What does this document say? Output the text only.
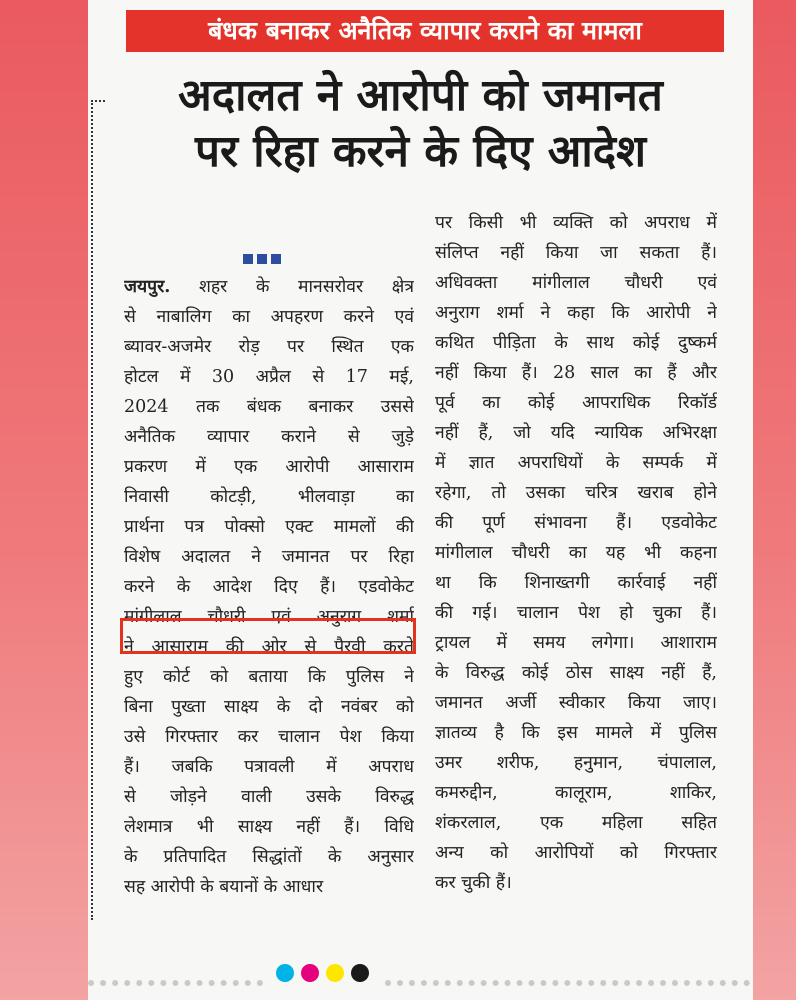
बंधक बनाकर अनैतिक व्यापार कराने का मामला
अदालत ने आरोपी को जमानत
पर रिहा करने के दिए आदेश
जयपुर. शहर के मानसरोवर क्षेत्र
से नाबालिग का अपहरण करने एवं
ब्यावर-अजमेर रोड़ पर स्थित एक
होटल में 30 अप्रैल से 17 मई,
2024 तक बंधक बनाकर उससे
अनैतिक व्यापार कराने से जुड़े
प्रकरण में एक आरोपी आसाराम
निवासी कोटड़ी, भीलवाड़ा का
प्रार्थना पत्र पोक्सो एक्ट मामलों की
विशेष अदालत ने जमानत पर रिहा
करने के आदेश दिए हैं। एडवोकेट
मांगीलाल चौधरी एवं अनुराग शर्मा
ने आसाराम की ओर से पैरवी करते
हुए कोर्ट को बताया कि पुलिस ने
बिना पुख्ता साक्ष्य के दो नवंबर को
उसे गिरफ्तार कर चालान पेश किया
हैं। जबकि पत्रावली में अपराध
से जोड़ने वाली उसके विरुद्ध
लेशमात्र भी साक्ष्य नहीं हैं। विधि
के प्रतिपादित सिद्धांतों के अनुसार
सह आरोपी के बयानों के आधार
पर किसी भी व्यक्ति को अपराध में
संलिप्त नहीं किया जा सकता हैं।
अधिवक्ता मांगीलाल चौधरी एवं
अनुराग शर्मा ने कहा कि आरोपी ने
कथित पीड़िता के साथ कोई दुष्कर्म
नहीं किया हैं। 28 साल का हैं और
पूर्व का कोई आपराधिक रिकॉर्ड
नहीं हैं, जो यदि न्यायिक अभिरक्षा
में ज्ञात अपराधियों के सम्पर्क में
रहेगा, तो उसका चरित्र खराब होने
की पूर्ण संभावना हैं। एडवोकेट
मांगीलाल चौधरी का यह भी कहना
था कि शिनाख्तगी कार्रवाई नहीं
की गई। चालान पेश हो चुका हैं।
ट्रायल में समय लगेगा। आशाराम
के विरुद्ध कोई ठोस साक्ष्य नहीं हैं,
जमानत अर्जी स्वीकार किया जाए।
ज्ञातव्य है कि इस मामले में पुलिस
उमर शरीफ, हनुमान, चंपालाल,
कमरुद्दीन, कालूराम, शाकिर,
शंकरलाल, एक महिला सहित
अन्य को आरोपियों को गिरफ्तार
कर चुकी हैं।
